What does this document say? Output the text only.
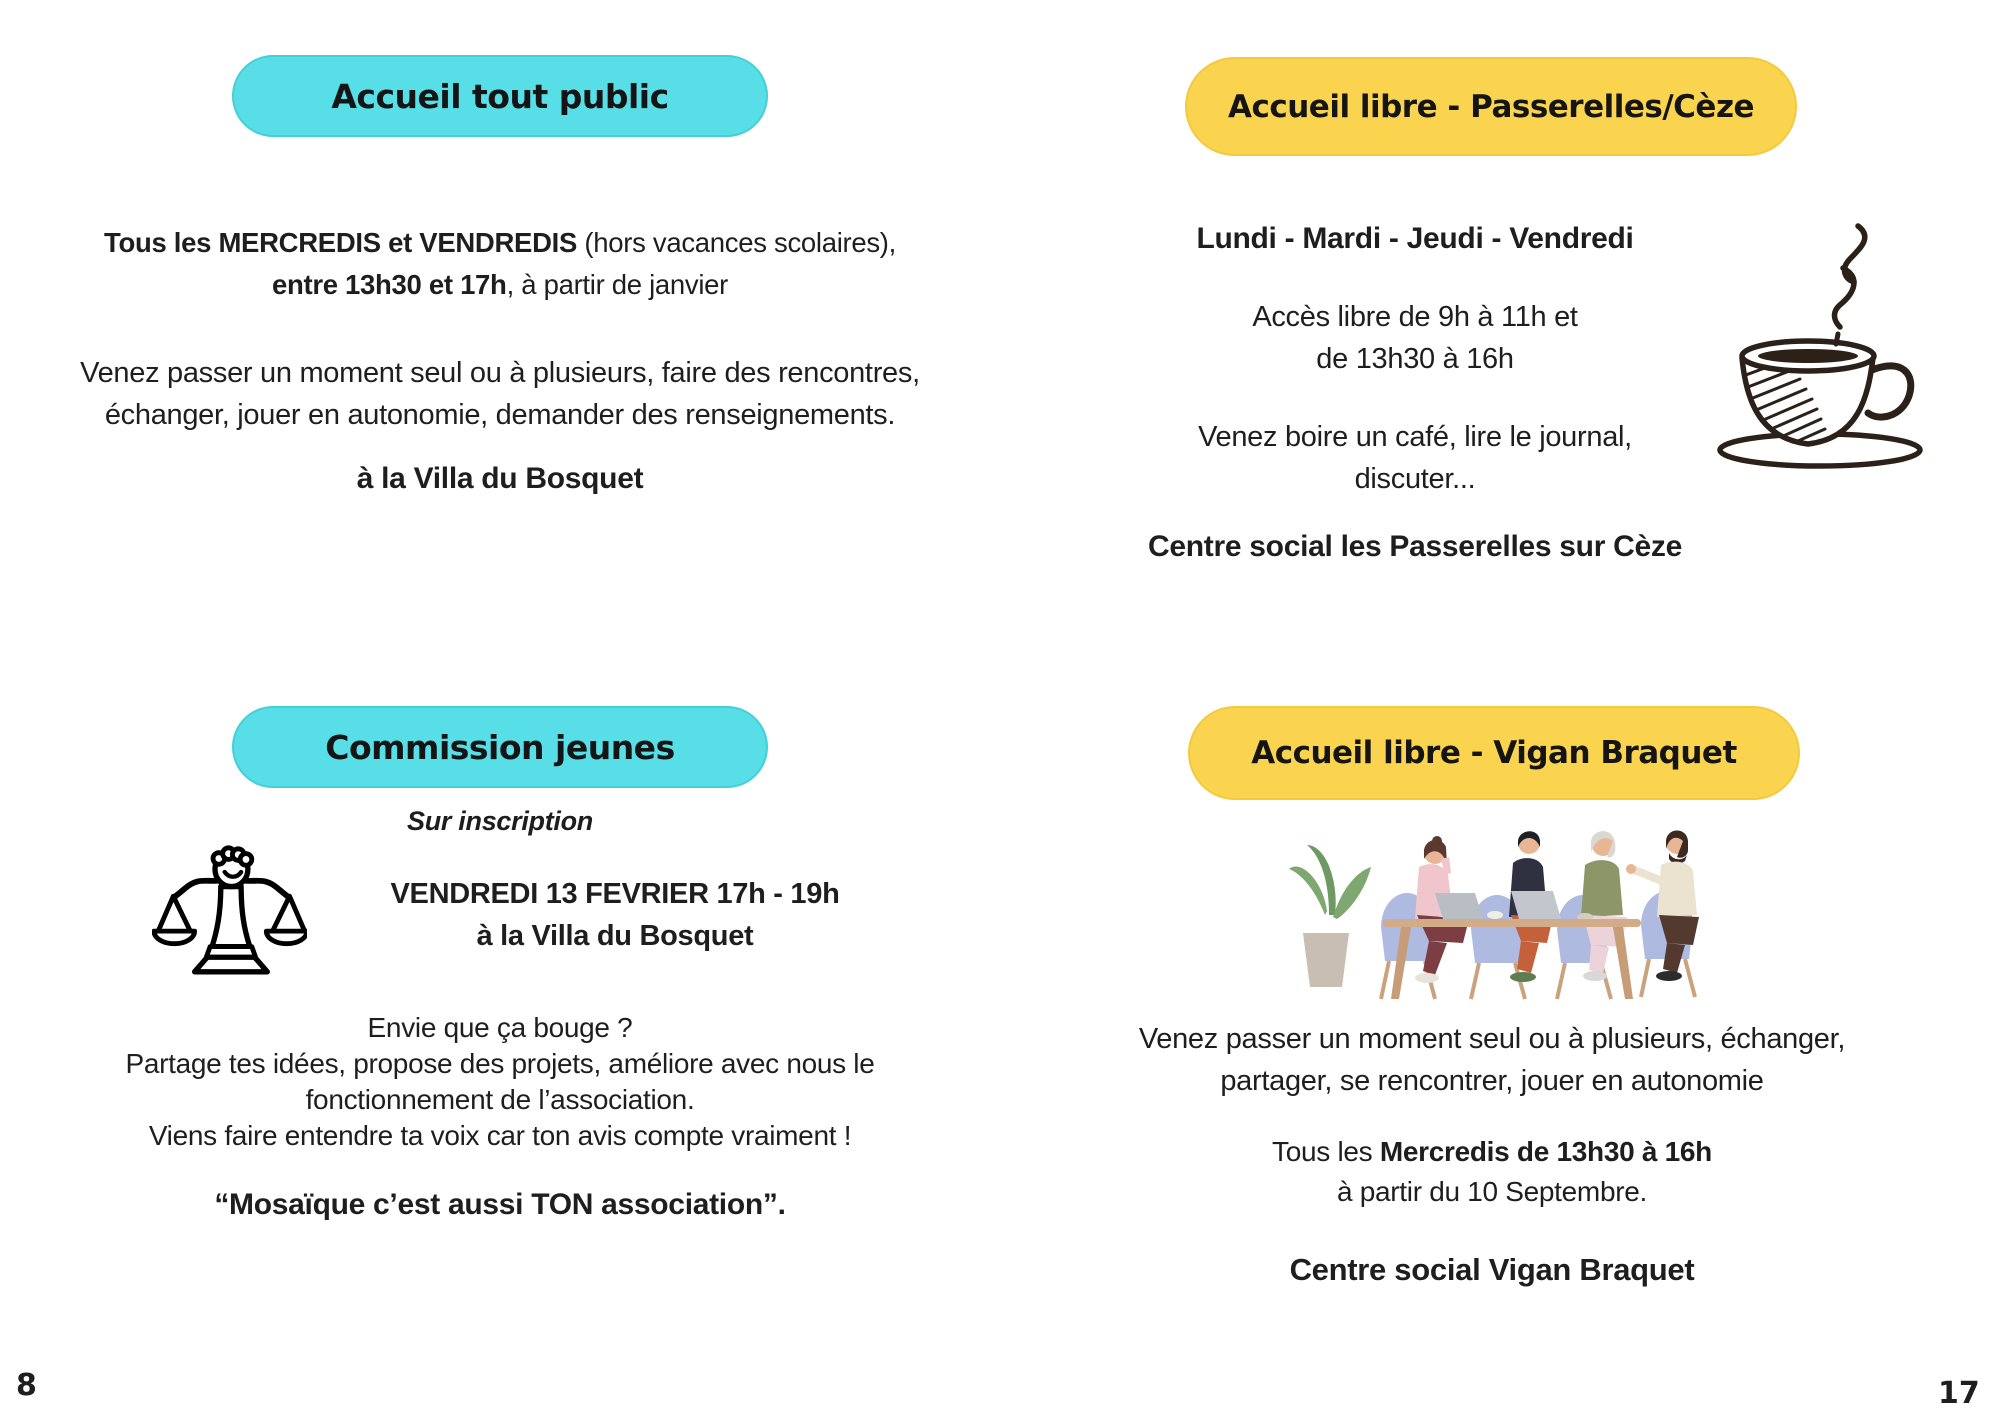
Accueil tout public
Tous les MERCREDIS et VENDREDIS (hors vacances scolaires),
entre 13h30 et 17h, à partir de janvier
Venez passer un moment seul ou à plusieurs, faire des rencontres,
échanger, jouer en autonomie, demander des renseignements.
à la Villa du Bosquet
Accueil libre - Passerelles/Cèze
Lundi - Mardi - Jeudi - Vendredi
Accès libre de 9h à 11h et
de 13h30 à 16h
Venez boire un café, lire le journal,
discuter...
Centre social les Passerelles sur Cèze
Commission jeunes
Sur inscription
VENDREDI 13 FEVRIER 17h - 19h
à la Villa du Bosquet
Envie que ça bouge ?
Partage tes idées, propose des projets, améliore avec nous le
fonctionnement de l’association.
Viens faire entendre ta voix car ton avis compte vraiment !
“Mosaïque c’est aussi TON association”.
Accueil libre - Vigan Braquet
Venez passer un moment seul ou à plusieurs, échanger,
partager, se rencontrer, jouer en autonomie
Tous les Mercredis de 13h30 à 16h
à partir du 10 Septembre.
Centre social Vigan Braquet
8	17
